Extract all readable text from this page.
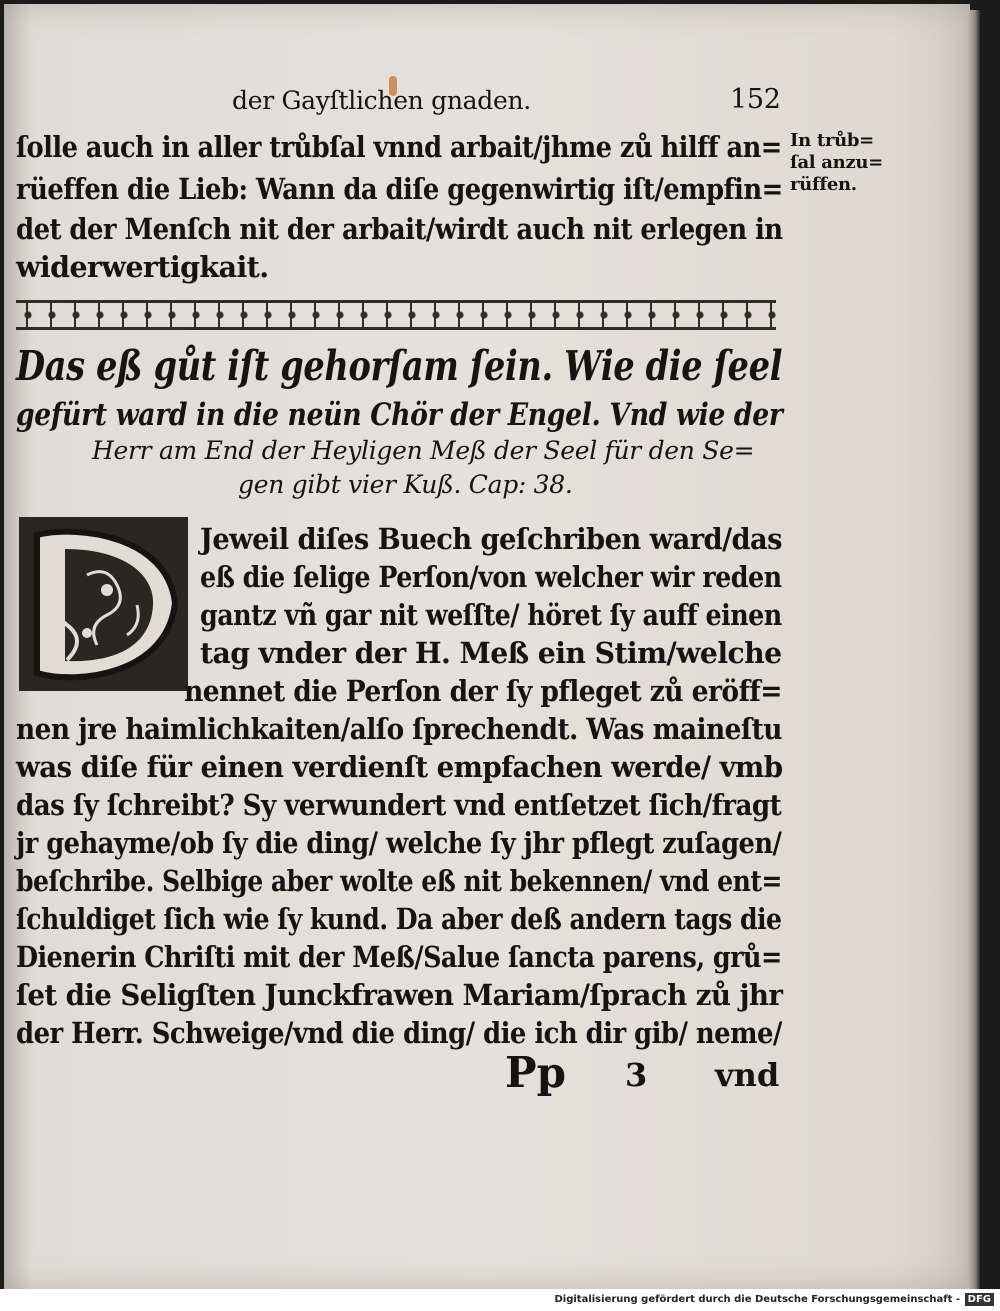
der Gayſtlichen gnaden.	152
In trůb=
ſal anzu=
rüffen.
ſolle auch in aller trůbſal vnnd arbait/jhme zů hilff an=
rüeffen die Lieb: Wann da diſe gegenwirtig iſt/empfin=
det der Menſch nit der arbait/wirdt auch nit erlegen in
widerwertigkait.
Das eß gůt iſt gehorſam ſein. Wie die ſeel
gefürt ward in die neün Chör der Engel. Vnd wie der
Herr am End der Heyligen Meß der Seel für den Se=
gen gibt vier Kuß. Cap: 38.
Jeweil diſes Buech geſchriben ward/das
eß die ſelige Perſon/von welcher wir reden
gantz vñ gar nit weſſte/ höret ſy auff einen
tag vnder der H. Meß ein Stim/welche
nennet die Perſon der ſy pfleget zů eröff=
nen jre haimlichkaiten/alſo ſprechendt. Was maineſtu
was diſe für einen verdienſt empfachen werde/ vmb
das ſy ſchreibt? Sy verwundert vnd entſetzet ſich/fragt
jr gehayme/ob ſy die ding/ welche ſy jhr pflegt zuſagen/
beſchribe. Selbige aber wolte eß nit bekennen/ vnd ent=
ſchuldiget ſich wie ſy kund. Da aber deß andern tags die
Dienerin Chriſti mit der Meß/Salue ſancta parens, grů=
ſet die Seligſten Junckfrawen Mariam/ſprach zů jhr
der Herr. Schweige/vnd die ding/ die ich dir gib/ neme/
Pp 3 vnd
Digitalisierung gefördert durch die Deutsche Forschungsgemeinschaft - DFG
